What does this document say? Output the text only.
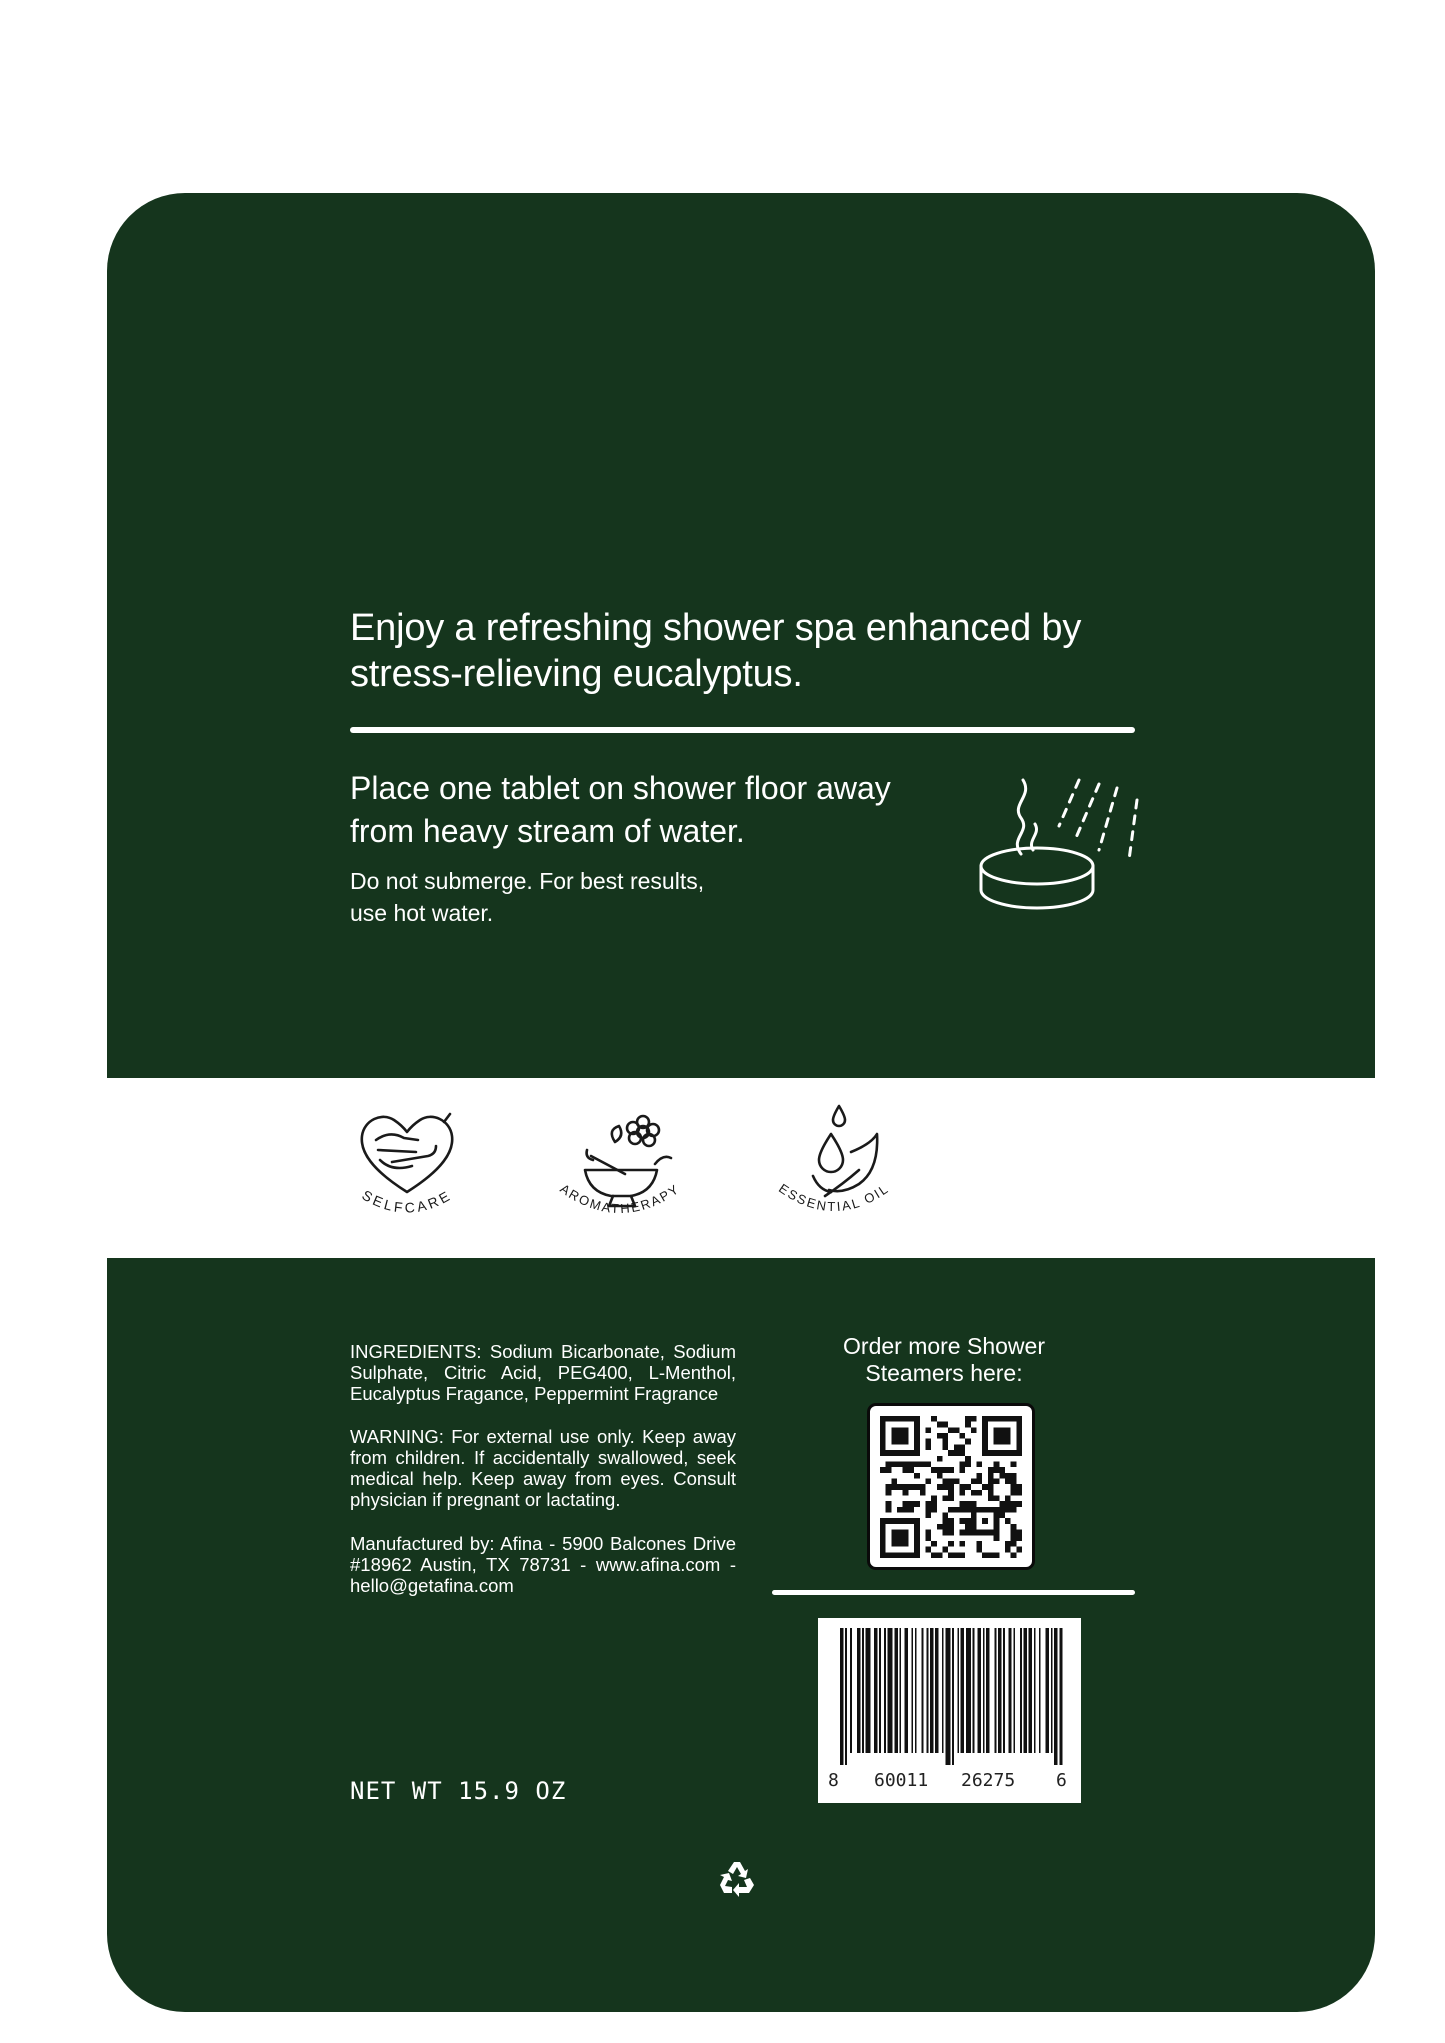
Enjoy a refreshing shower spa enhanced by stress-relieving eucalyptus.
Place one tablet on shower floor away from heavy stream of water.
Do not submerge. For best results, use hot water.
SELFCARE	AROMATHERAPY	ESSENTIAL OIL
INGREDIENTS: Sodium Bicarbonate, Sodium Sulphate, Citric Acid, PEG400, L-Menthol, Eucalyptus Fragance, Peppermint Fragrance
WARNING: For external use only. Keep away from children. If accidentally swallowed, seek medical help. Keep away from eyes. Consult physician if pregnant or lactating.
Manufactured by: Afina - 5900 Balcones Drive #18962 Austin, TX 78731 - www.afina.com - hello@getafina.com
Order more Shower Steamers here:
8 60011 26275 6
NET WT 15.9 OZ
